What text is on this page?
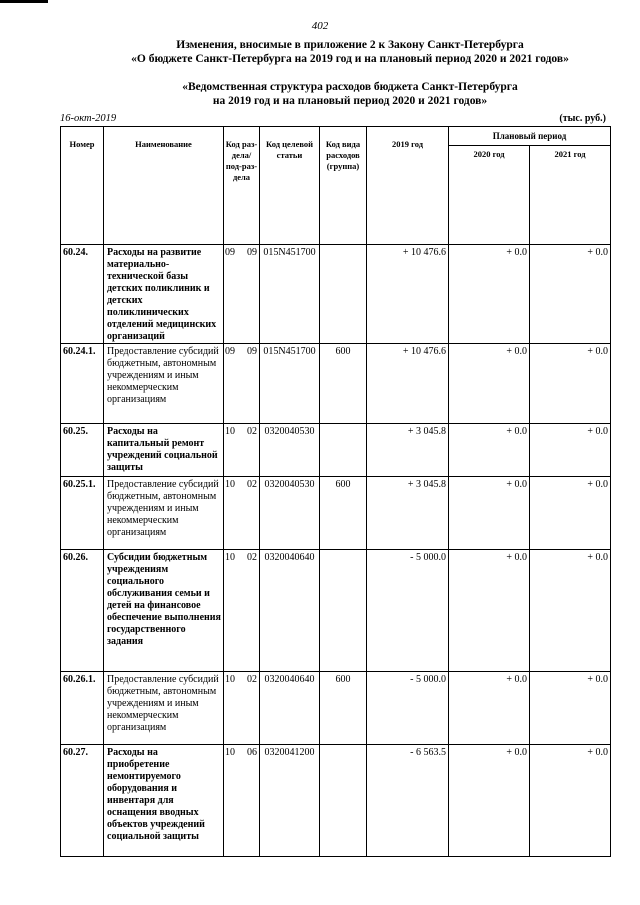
402
Изменения, вносимые в приложение 2 к Закону Санкт-Петербурга
«О бюджете Санкт-Петербурга на 2019 год и на плановый период 2020 и 2021 годов»
«Ведомственная структура расходов бюджета Санкт-Петербурга
на 2019 год и на плановый период 2020 и 2021 годов»
16-окт-2019	(тыс. руб.)
Номер	Наименование	Код раз-дела/ под-раз-дела	Код целевой статьи	Код вида расходов (группа)	2019 год	Плановый период	
						2020 год	2021 год
60.24.	Расходы на развитие материально-технической базы детских поликлиник и детских поликлинических отделений медицинских организаций	09 09	015N451700		+ 10 476.6	+ 0.0	+ 0.0
60.24.1.	Предоставление субсидий бюджетным, автономным учреждениям и иным некоммерческим организациям	09 09	015N451700	600	+ 10 476.6	+ 0.0	+ 0.0
60.25.	Расходы на капитальный ремонт учреждений социальной защиты	10 02	0320040530		+ 3 045.8	+ 0.0	+ 0.0
60.25.1.	Предоставление субсидий бюджетным, автономным учреждениям и иным некоммерческим организациям	10 02	0320040530	600	+ 3 045.8	+ 0.0	+ 0.0
60.26.	Субсидии бюджетным учреждениям социального обслуживания семьи и детей на финансовое обеспечение выполнения государственного задания	10 02	0320040640		- 5 000.0	+ 0.0	+ 0.0
60.26.1.	Предоставление субсидий бюджетным, автономным учреждениям и иным некоммерческим организациям	10 02	0320040640	600	- 5 000.0	+ 0.0	+ 0.0
60.27.	Расходы на приобретение немонтируемого оборудования и инвентаря для оснащения вводных объектов учреждений социальной защиты	10 06	0320041200		- 6 563.5	+ 0.0	+ 0.0
